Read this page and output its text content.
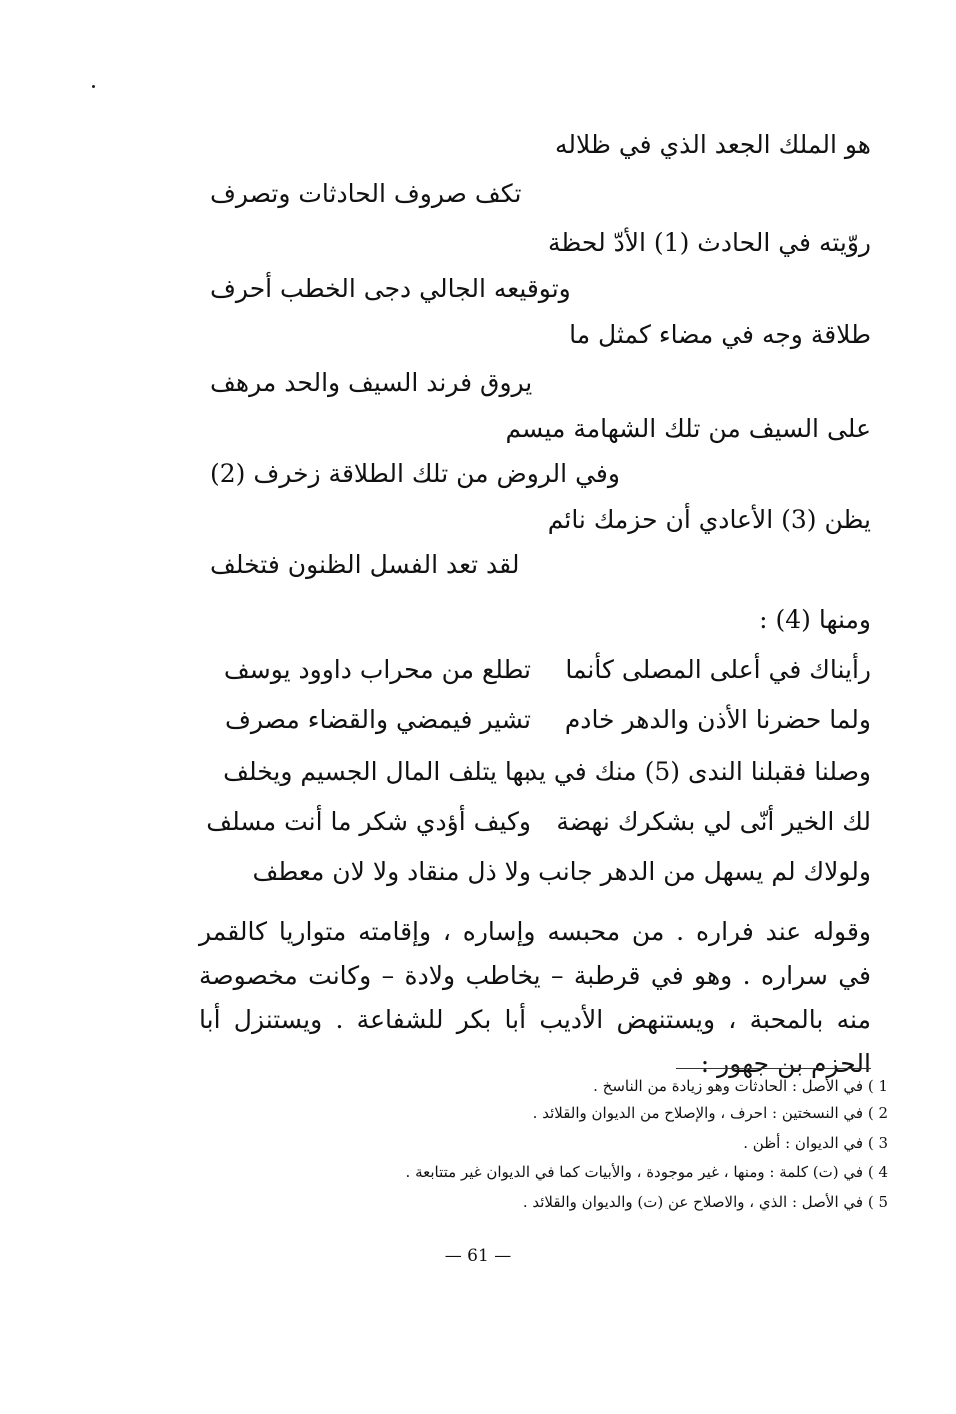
هو الملك الجعد الذي في ظلاله
تكف صروف الحادثات وتصرف
روّيته في الحادث (1) الأدّ لحظة
وتوقيعه الجالي دجى الخطب أحرف
طلاقة وجه في مضاء كمثل ما
يروق فرند السيف والحد مرهف
على السيف من تلك الشهامة ميسم
وفي الروض من تلك الطلاقة زخرف (2)
يظن (3) الأعادي أن حزمك نائم
لقد تعد الفسل الظنون فتخلف
ومنها (4) :
رأيناك في أعلى المصلى كأنما
تطلع من محراب داوود يوسف
ولما حضرنا الأذن والدهر خادم
تشير فيمضي والقضاء مصرف
وصلنا فقبلنا الندى (5) منك في يد
بها يتلف المال الجسيم ويخلف
لك الخير أنّى لي بشكرك نهضة
وكيف أؤدي شكر ما أنت مسلف
ولولاك لم يسهل من الدهر جانب
ولا ذل منقاد ولا لان معطف
وقوله عند فراره . من محبسه وإساره ، وإقامته متواريا كالقمر في سراره . وهو في قرطبة – يخاطب ولادة – وكانت مخصوصة منه بالمحبة ، ويستنهض الأديب أبا بكر للشفاعة . ويستنزل أبا الحزم بن جهور :
1 ) في الأصل : الحادثات وهو زيادة من الناسخ .
2 ) في النسختين : احرف ، والإصلاح من الديوان والقلائد .
3 ) في الديوان : أظن .
4 ) في (ت) كلمة : ومنها ، غير موجودة ، والأبيات كما في الديوان غير متتابعة .
5 ) في الأصل : الذي ، والاصلاح عن (ت) والديوان والقلائد .
— 61 —
